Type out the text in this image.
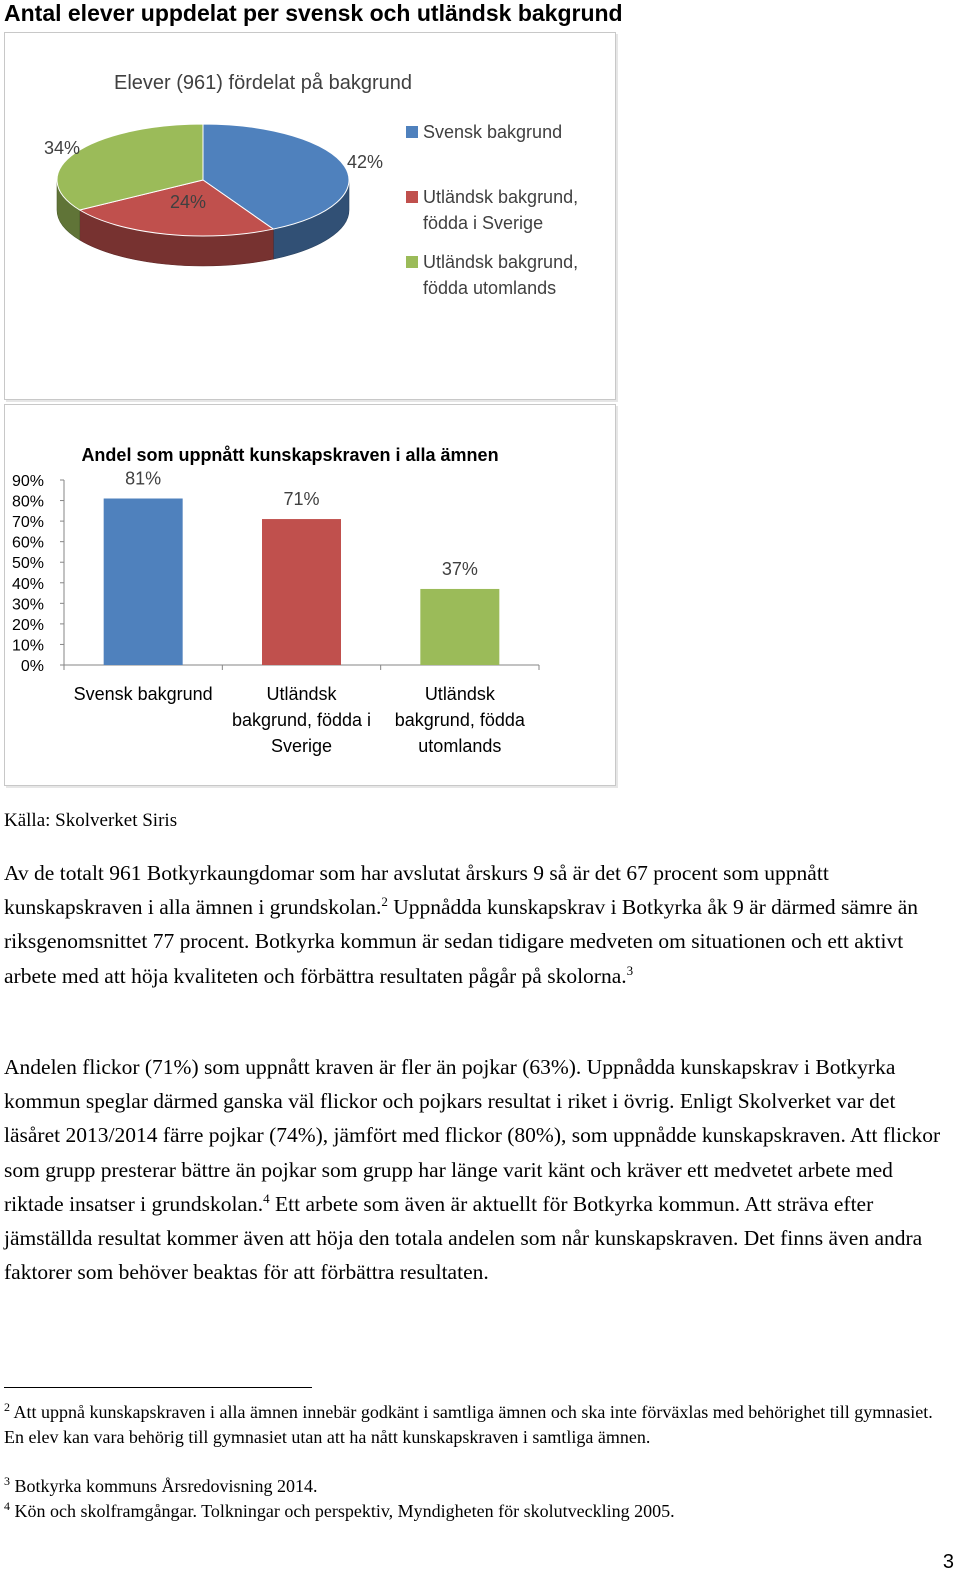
Antal elever uppdelat per svensk och utländsk bakgrund
Elever (961) fördelat på bakgrund
42%
24%
34%
Svensk bakgrund
Utländsk bakgrund,
födda i Sverige
Utländsk bakgrund,
födda utomlands
Andel som uppnått kunskapskraven i alla ämnen
0%
10%
20%
30%
40%
50%
60%
70%
80%
90%	81%
71%
37%
Svensk bakgrund	Utländsk
bakgrund, födda i
Sverige
Utländsk
bakgrund, födda
utomlands
Källa: Skolverket Siris

Av de totalt 961 Botkyrkaungdomar som har avslutat årskurs 9 så är det 67 procent som uppnått kunskapskraven i alla ämnen i grundskolan.$^2$ Uppnådda kunskapskrav i Botkyrka åk 9 är därmed sämre än riksgenomsnittet 77 procent. Botkyrka kommun är sedan tidigare medveten om situationen och ett aktivt arbete med att höja kvaliteten och förbättra resultaten pågår på skolorna.$^3$

Andelen flickor (71%) som uppnått kraven är fler än pojkar (63%). Uppnådda kunskapskrav i Botkyrka kommun speglar därmed ganska väl flickor och pojkars resultat i riket i övrig. Enligt Skolverket var det läsåret 2013/2014 färre pojkar (74%), jämfört med flickor (80%), som uppnådde kunskapskraven. Att flickor som grupp presterar bättre än pojkar som grupp har länge varit känt och kräver ett medvetet arbete med riktade insatser i grundskolan.$^4$ Ett arbete som även är aktuellt för Botkyrka kommun. Att sträva efter jämställda resultat kommer även att höja den totala andelen som når kunskapskraven. Det finns även andra faktorer som behöver beaktas för att förbättra resultaten.

$^2$ Att uppnå kunskapskraven i alla ämnen innebär godkänt i samtliga ämnen och ska inte förväxlas med behörighet till gymnasiet. En elev kan vara behörig till gymnasiet utan att ha nått kunskapskraven i samtliga ämnen.

$^3$ Botkyrka kommuns Årsredovisning 2014.

$^4$ Kön och skolframgångar. Tolkningar och perspektiv, Myndigheten för skolutveckling 2005.

3
